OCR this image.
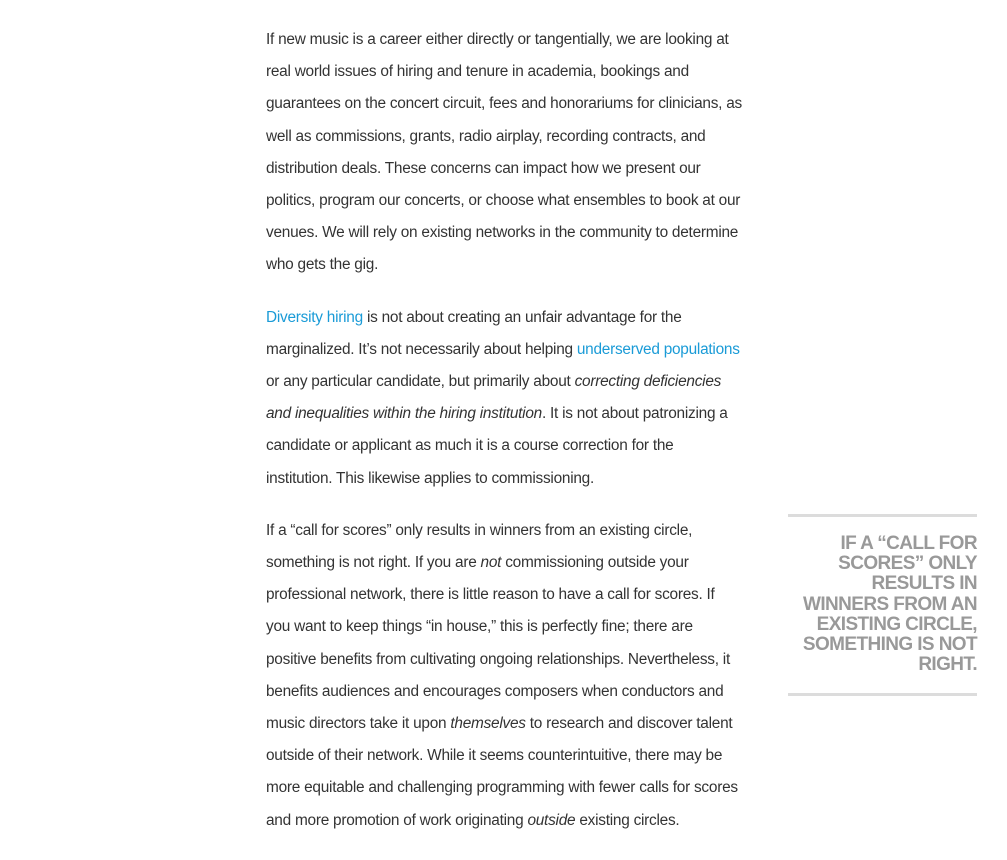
If new music is a career either directly or tangentially, we are looking at real world issues of hiring and tenure in academia, bookings and guarantees on the concert circuit, fees and honorariums for clinicians, as well as commissions, grants, radio airplay, recording contracts, and distribution deals. These concerns can impact how we present our politics, program our concerts, or choose what ensembles to book at our venues. We will rely on existing networks in the community to determine who gets the gig.

Diversity hiring is not about creating an unfair advantage for the marginalized. It’s not necessarily about helping underserved populations or any particular candidate, but primarily about correcting deficiencies and inequalities within the hiring institution. It is not about patronizing a candidate or applicant as much it is a course correction for the institution. This likewise applies to commissioning.

If a “call for scores” only results in winners from an existing circle, something is not right. If you are not commissioning outside your professional network, there is little reason to have a call for scores. If you want to keep things “in house,” this is perfectly fine; there are positive benefits from cultivating ongoing relationships. Nevertheless, it benefits audiences and encourages composers when conductors and music directors take it upon themselves to research and discover talent outside of their network. While it seems counterintuitive, there may be more equitable and challenging programming with fewer calls for scores and more promotion of work originating outside existing circles.

IF A “CALL FOR SCORES” ONLY RESULTS IN WINNERS FROM AN EXISTING CIRCLE, SOMETHING IS NOT RIGHT.
